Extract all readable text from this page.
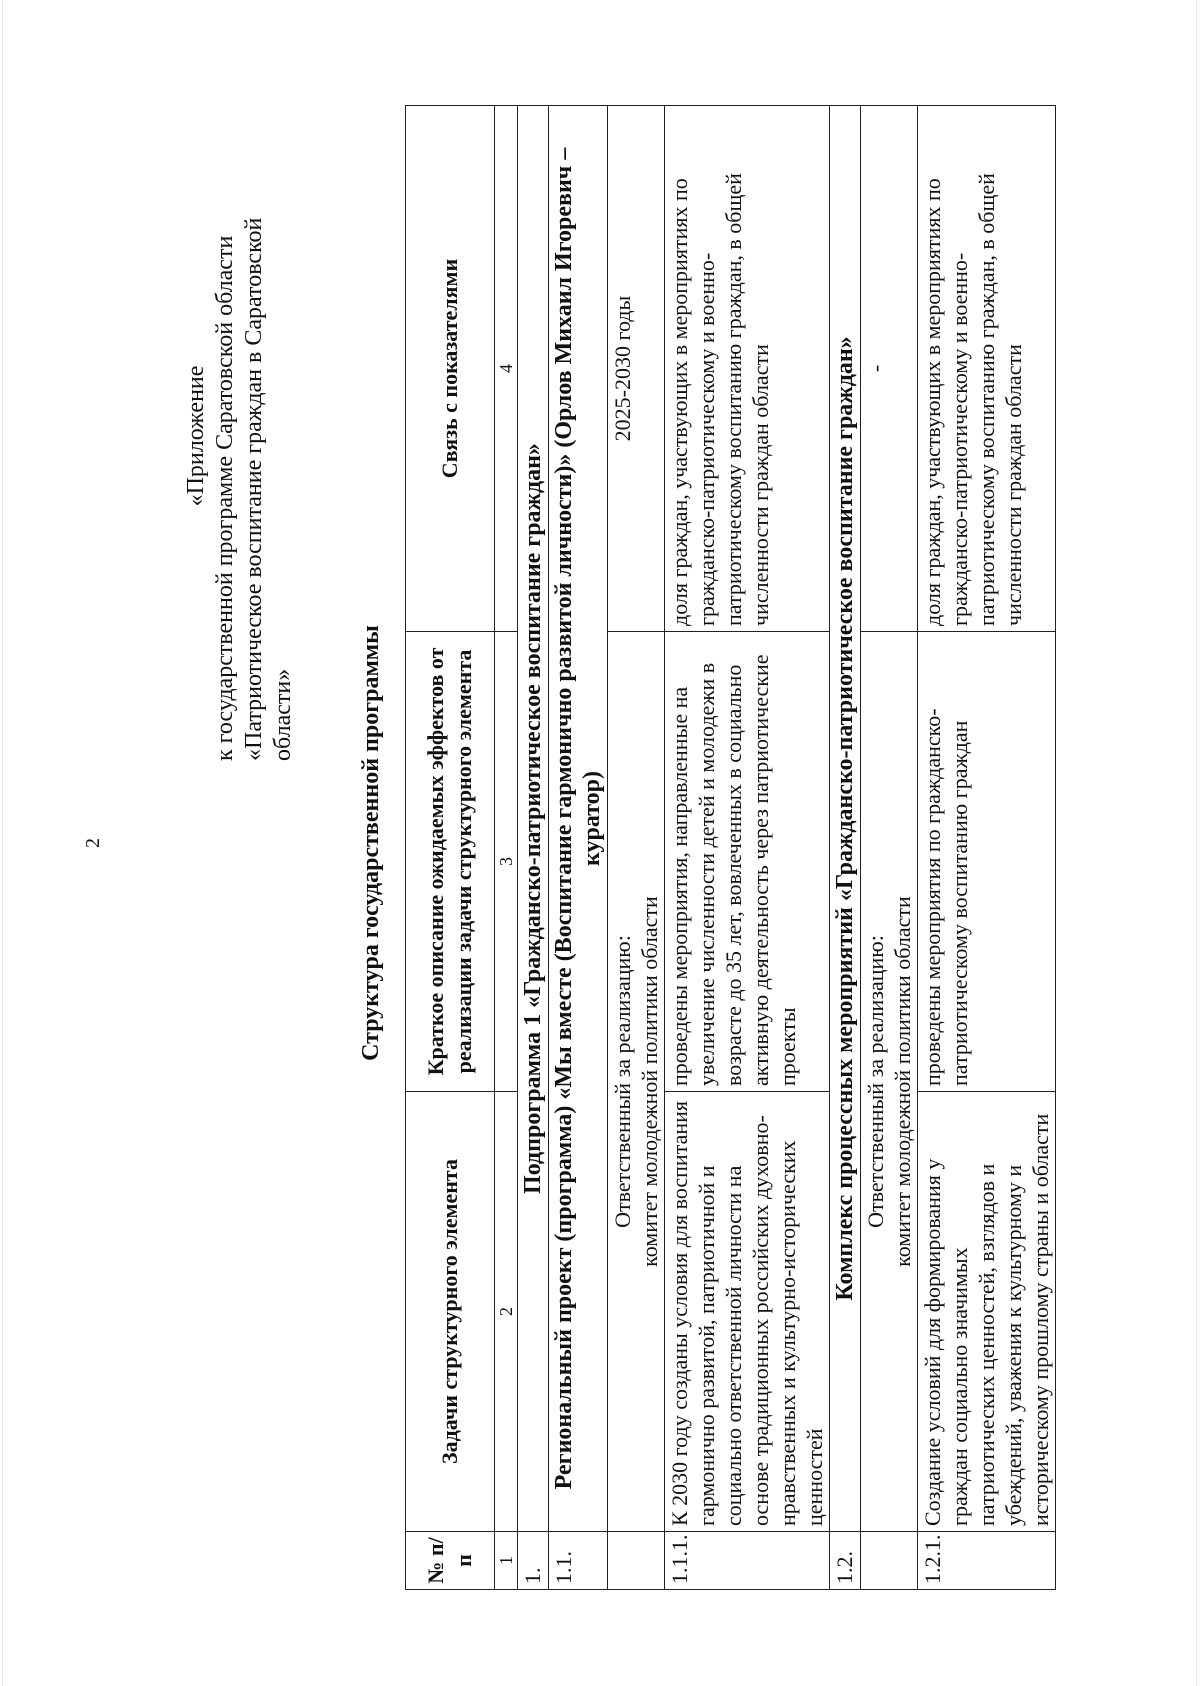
2
«Приложение к государственной программе Саратовской области «Патриотическое воспитание граждан в Саратовской области»	Структура государственной программы
№ п/п	Задачи структурного элемента	Краткое описание ожидаемых эффектов от реализации задачи структурного элемента	Связь с показателями
1	2	3	4
1.	Подпрограмма 1 «Гражданско-патриотическое воспитание граждан»		
1.1.	Региональный проект (программа) «Мы вместе (Воспитание гармонично развитой личности)» (Орлов Михаил Игоревич – куратор)		

	Ответственный за реализацию: комитет молодежной политики области		2025-2030 годы
1.1.1.	К 2030 году созданы условия для воспитания гармонично развитой, патриотичной и социально ответственной личности на основе традиционных российских духовно-нравственных и культурно-исторических ценностей	проведены мероприятия, направленные на увеличение численности детей и молодежи в возрасте до 35 лет, вовлеченных в социально активную деятельность через патриотические проекты	доля граждан, участвующих в мероприятиях по гражданско-патриотическому и военно-патриотическому воспитанию граждан, в общей численности граждан области
1.2.	Комплекс процессных мероприятий «Гражданско-патриотическое воспитание граждан»		

	Ответственный за реализацию: комитет молодежной политики области		-
1.2.1.	Создание условий для формирования у граждан социально значимых патриотических ценностей, взглядов и убеждений, уважения к культурному и историческому прошлому страны и области	проведены мероприятия по гражданско-патриотическому воспитанию граждан	доля граждан, участвующих в мероприятиях по гражданско-патриотическому и военно-патриотическому воспитанию граждан, в общей численности граждан области
